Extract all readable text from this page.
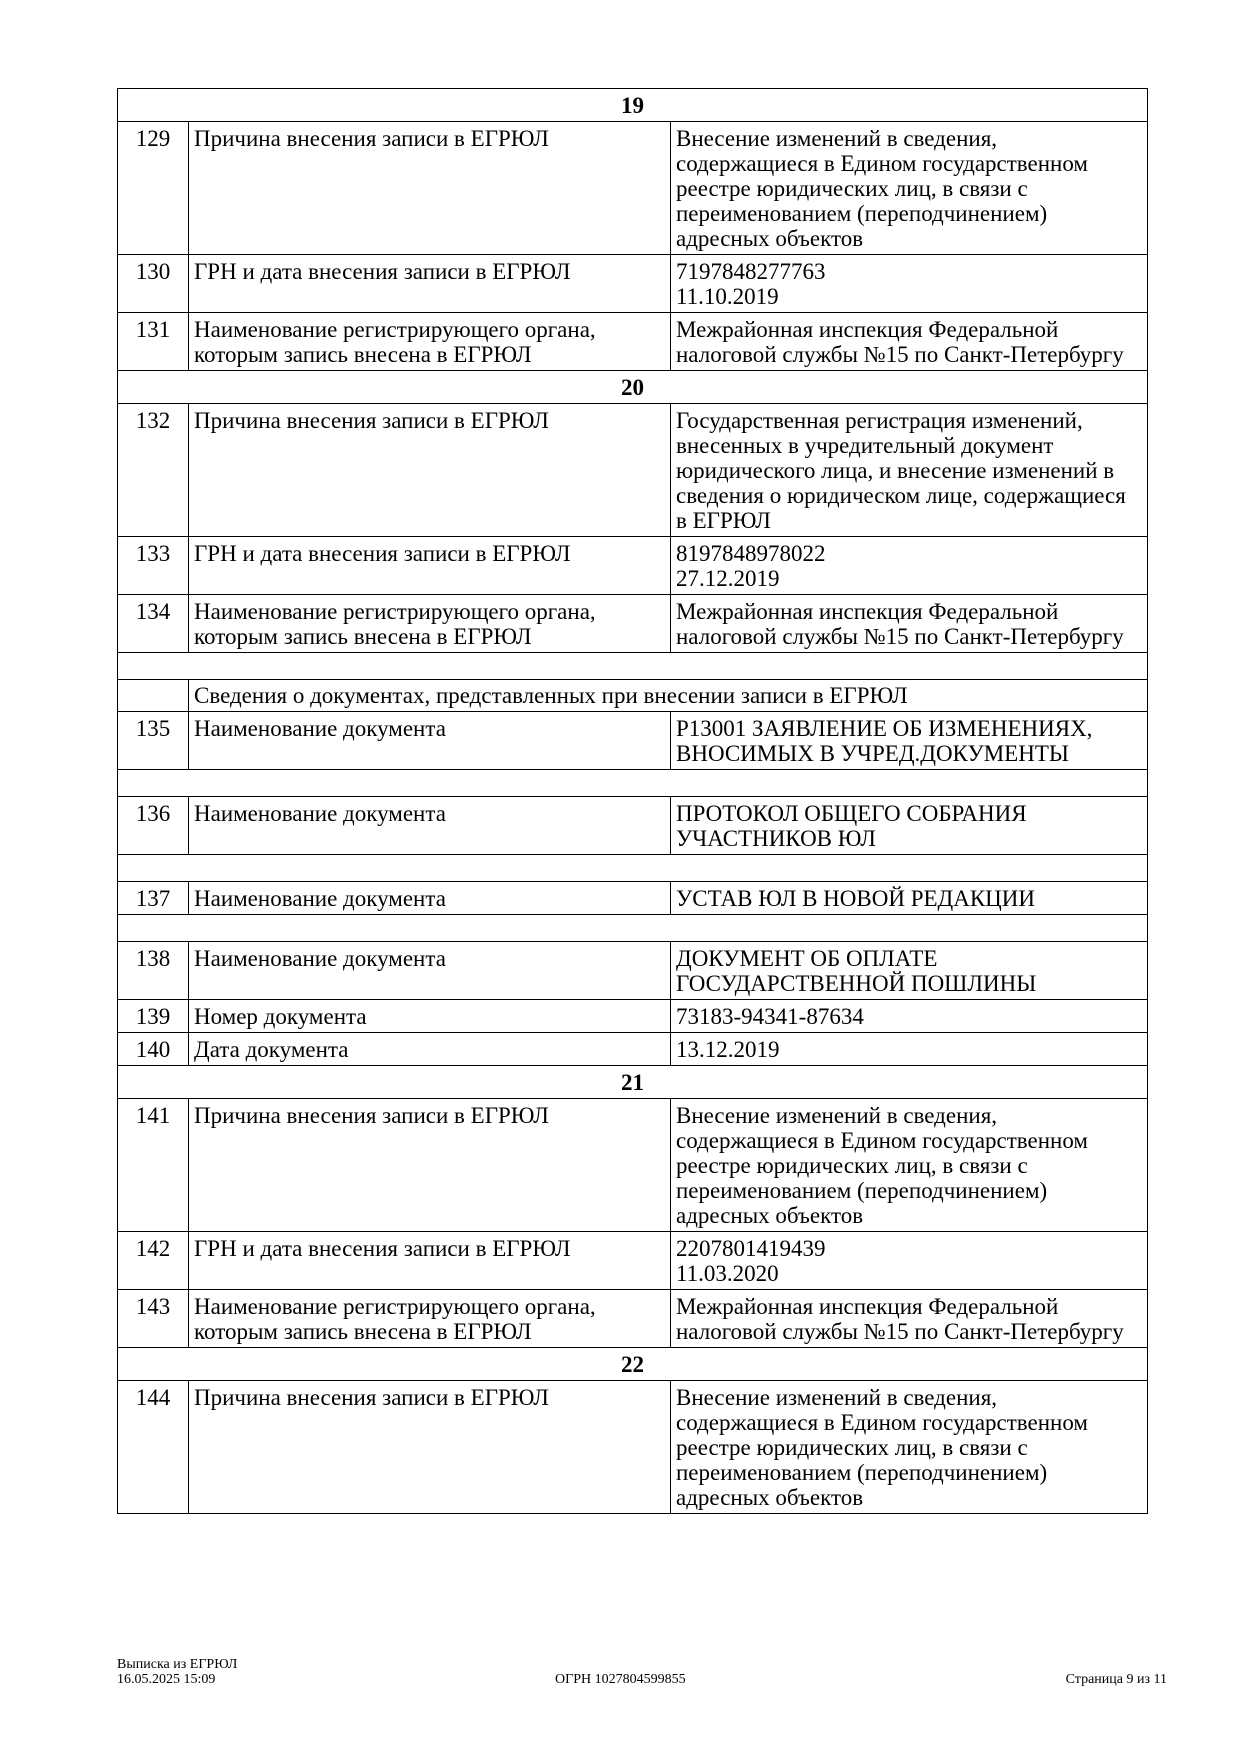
19		
129	Причина внесения записи в ЕГРЮЛ	Внесение изменений в сведения, содержащиеся в Едином государственном реестре юридических лиц, в связи с переименованием (переподчинением) адресных объектов
130	ГРН и дата внесения записи в ЕГРЮЛ	7197848277763
11.10.2019

131	Наименование регистрирующего органа, которым запись внесена в ЕГРЮЛ	Межрайонная инспекция Федеральной налоговой службы №15 по Санкт-Петербургу
20		
132	Причина внесения записи в ЕГРЮЛ	Государственная регистрация изменений, внесенных в учредительный документ юридического лица, и внесение изменений в сведения о юридическом лице, содержащиеся в ЕГРЮЛ
133	ГРН и дата внесения записи в ЕГРЮЛ	8197848978022
27.12.2019

134	Наименование регистрирующего органа, которым запись внесена в ЕГРЮЛ	Межрайонная инспекция Федеральной налоговой службы №15 по Санкт-Петербургу

	Сведения о документах, представленных при внесении записи в ЕГРЮЛ	
135	Наименование документа	Р13001 ЗАЯВЛЕНИЕ ОБ ИЗМЕНЕНИЯХ, ВНОСИМЫХ В УЧРЕД.ДОКУМЕНТЫ

136	Наименование документа	ПРОТОКОЛ ОБЩЕГО СОБРАНИЯ УЧАСТНИКОВ ЮЛ

137	Наименование документа	УСТАВ ЮЛ В НОВОЙ РЕДАКЦИИ

138	Наименование документа	ДОКУМЕНТ ОБ ОПЛАТЕ ГОСУДАРСТВЕННОЙ ПОШЛИНЫ
139	Номер документа	73183-94341-87634
140	Дата документа	13.12.2019
21		
141	Причина внесения записи в ЕГРЮЛ	Внесение изменений в сведения, содержащиеся в Едином государственном реестре юридических лиц, в связи с переименованием (переподчинением) адресных объектов
142	ГРН и дата внесения записи в ЕГРЮЛ	2207801419439
11.03.2020

143	Наименование регистрирующего органа, которым запись внесена в ЕГРЮЛ	Межрайонная инспекция Федеральной налоговой службы №15 по Санкт-Петербургу
22		
144	Причина внесения записи в ЕГРЮЛ	Внесение изменений в сведения, содержащиеся в Едином государственном реестре юридических лиц, в связи с переименованием (переподчинением) адресных объектов
Выписка из ЕГРЮЛ
16.05.2025 15:09	ОГРН 1027804599855	Страница 9 из 11
